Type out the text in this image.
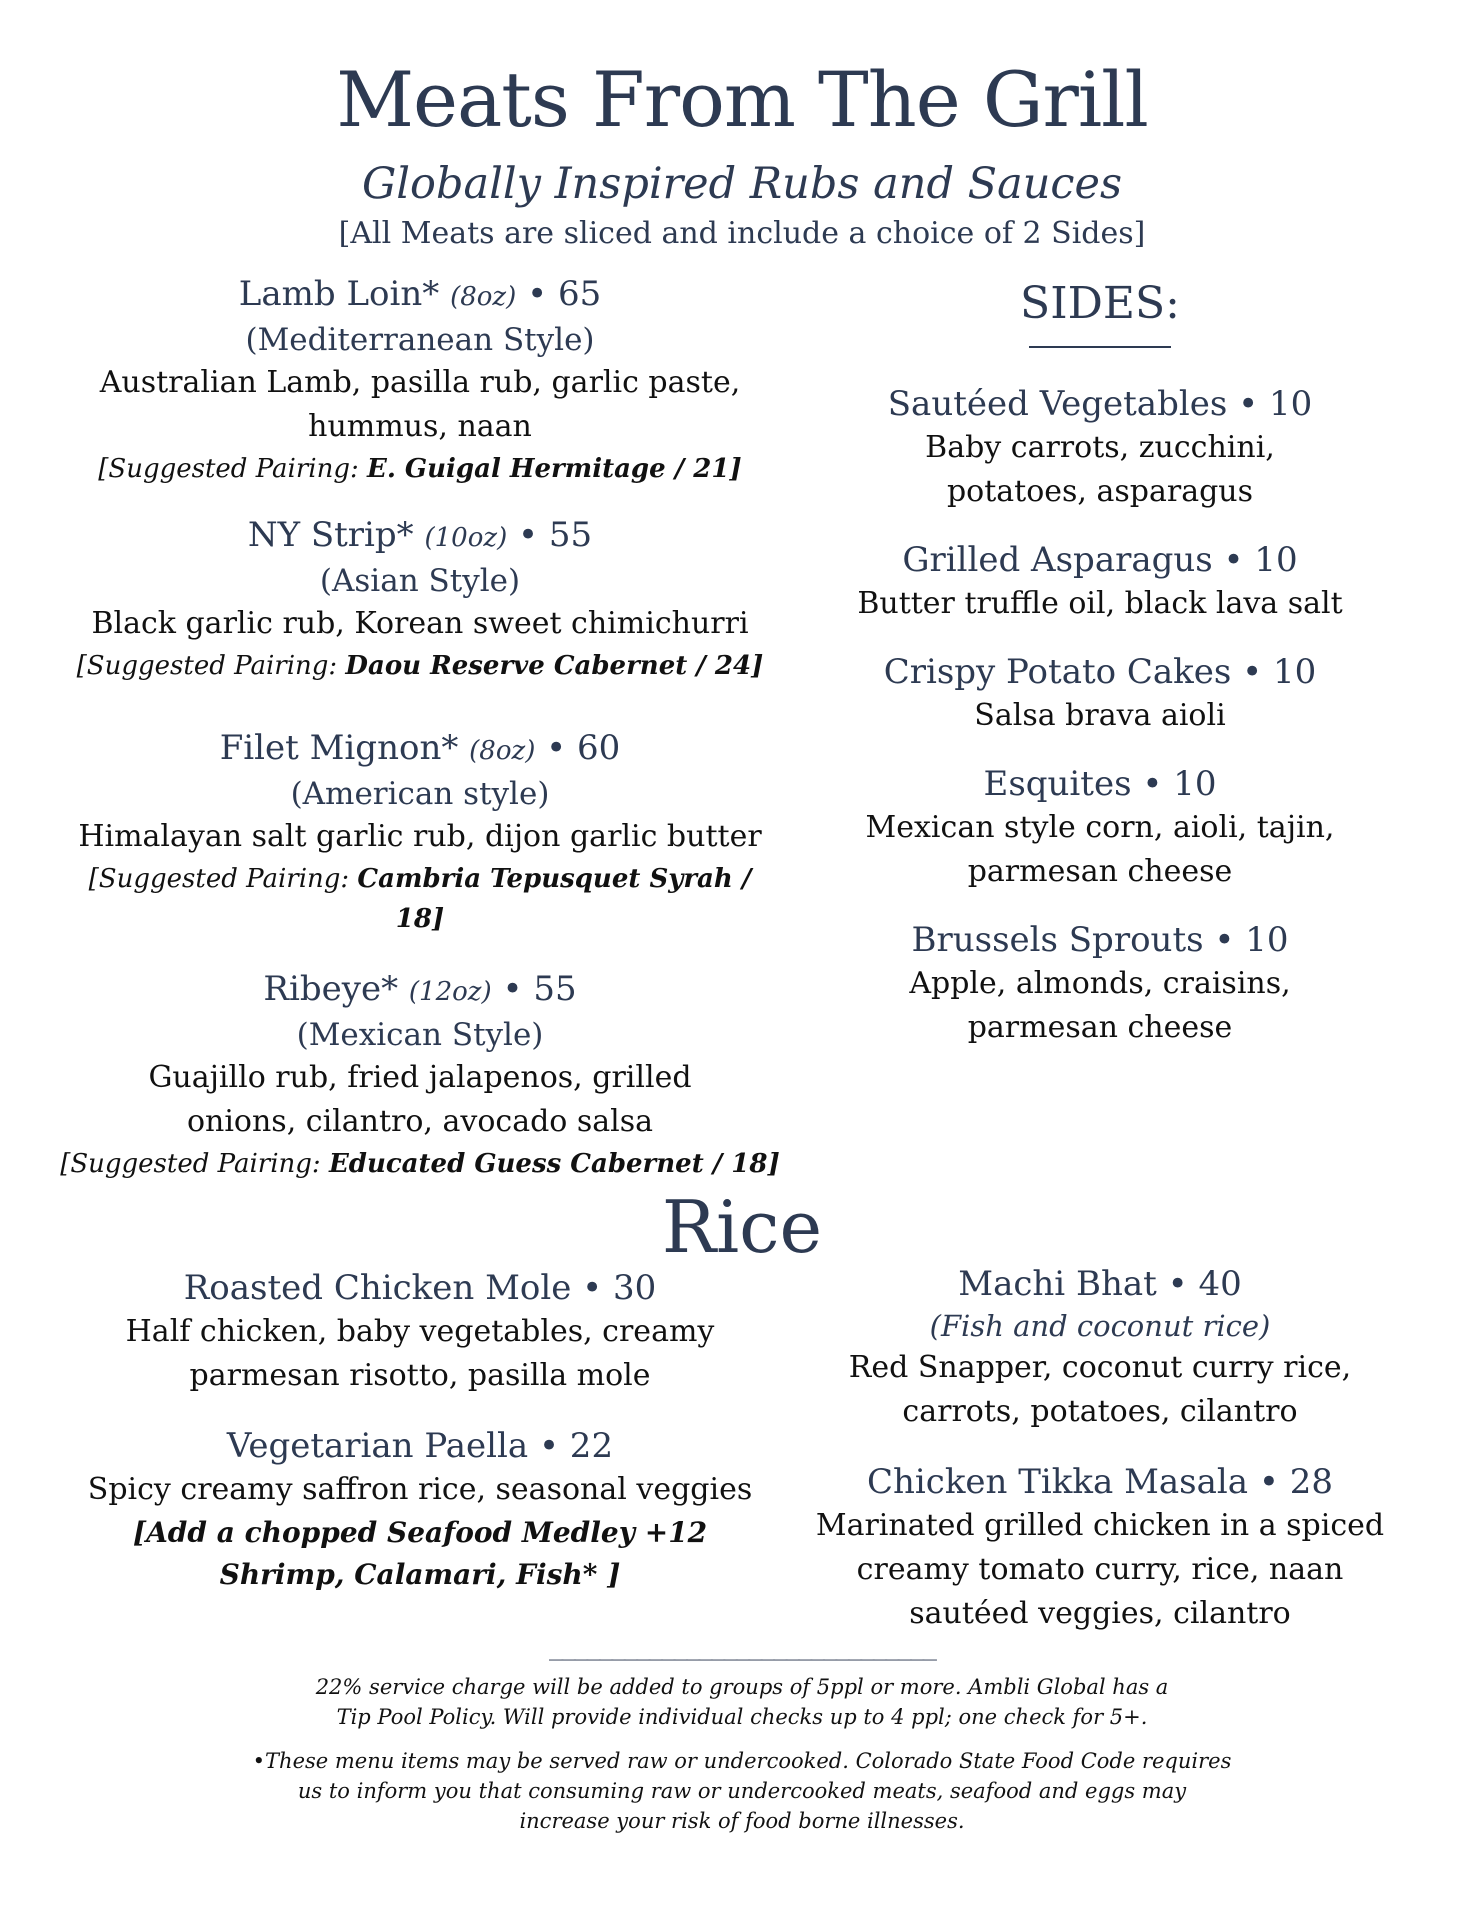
Meats From The Grill
Globally Inspired Rubs and Sauces
[All Meats are sliced and include a choice of 2 Sides]
Lamb Loin* (8oz) • 65
(Mediterranean Style)
Australian Lamb, pasilla rub, garlic paste,
hummus, naan
[Suggested Pairing: E. Guigal Hermitage / 21]
NY Strip* (10oz) • 55
(Asian Style)
Black garlic rub, Korean sweet chimichurri
[Suggested Pairing: Daou Reserve Cabernet / 24]
Filet Mignon* (8oz) • 60
(American style)
Himalayan salt garlic rub, dijon garlic butter
[Suggested Pairing: Cambria Tepusquet Syrah / 18]
Ribeye* (12oz) • 55
(Mexican Style)
Guajillo rub, fried jalapenos, grilled
onions, cilantro, avocado salsa
[Suggested Pairing: Educated Guess Cabernet / 18]
SIDES:
Sautéed Vegetables • 10
Baby carrots, zucchini,
potatoes, asparagus
Grilled Asparagus • 10
Butter truffle oil, black lava salt
Crispy Potato Cakes • 10
Salsa brava aioli
Esquites • 10
Mexican style corn, aioli, tajin,
parmesan cheese
Brussels Sprouts • 10
Apple, almonds, craisins,
parmesan cheese
Rice
Roasted Chicken Mole • 30
Half chicken, baby vegetables, creamy
parmesan risotto, pasilla mole
Vegetarian Paella • 22
Spicy creamy saffron rice, seasonal veggies
[Add a chopped Seafood Medley +12
Shrimp, Calamari, Fish* ]
Machi Bhat • 40
(Fish and coconut rice)
Red Snapper, coconut curry rice,
carrots, potatoes, cilantro
Chicken Tikka Masala • 28
Marinated grilled chicken in a spiced
creamy tomato curry, rice, naan
sautéed veggies, cilantro
_______________________________

22% service charge will be added to groups of 5ppl or more. Ambli Global has a
Tip Pool Policy. Will provide individual checks up to 4 ppl; one check for 5+.

•These menu items may be served raw or undercooked. Colorado State Food Code requires
us to inform you that consuming raw or undercooked meats, seafood and eggs may
increase your risk of food borne illnesses.
